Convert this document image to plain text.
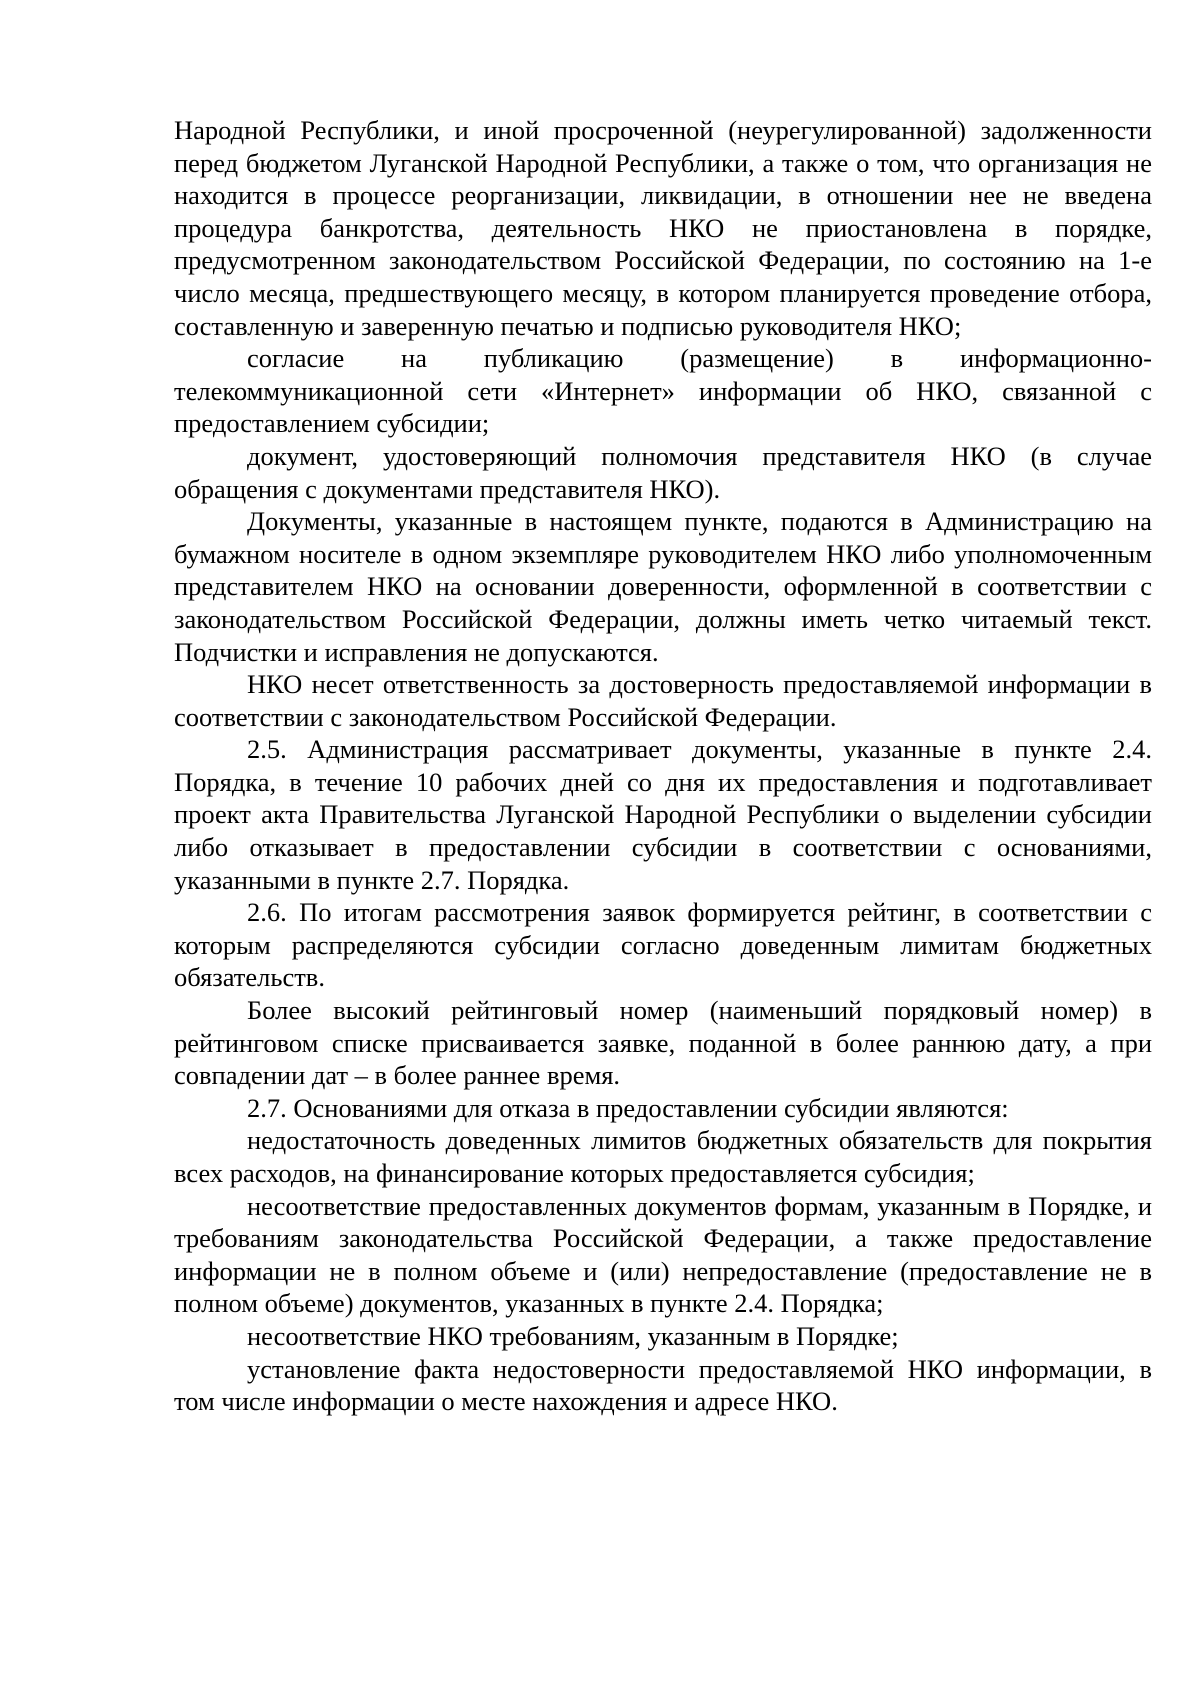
Народной Республики, и иной просроченной (неурегулированной) задолженности перед бюджетом Луганской Народной Республики, а также о том, что организация не находится в процессе реорганизации, ликвидации, в отношении нее не введена процедура банкротства, деятельность НКО не приостановлена в порядке, предусмотренном законодательством Российской Федерации, по состоянию на 1-е число месяца, предшествующего месяцу, в котором планируется проведение отбора, составленную и заверенную печатью и подписью руководителя НКО;

согласие на публикацию (размещение) в информационно-телекоммуникационной сети «Интернет» информации об НКО, связанной с предоставлением субсидии;

документ, удостоверяющий полномочия представителя НКО (в случае обращения с документами представителя НКО).

Документы, указанные в настоящем пункте, подаются в Администрацию на бумажном носителе в одном экземпляре руководителем НКО либо уполномоченным представителем НКО на основании доверенности, оформленной в соответствии с законодательством Российской Федерации, должны иметь четко читаемый текст. Подчистки и исправления не допускаются.

НКО несет ответственность за достоверность предоставляемой информации в соответствии с законодательством Российской Федерации.

2.5. Администрация рассматривает документы, указанные в пункте 2.4. Порядка, в течение 10 рабочих дней со дня их предоставления и подготавливает проект акта Правительства Луганской Народной Республики о выделении субсидии либо отказывает в предоставлении субсидии в соответствии с основаниями, указанными в пункте 2.7. Порядка.

2.6. По итогам рассмотрения заявок формируется рейтинг, в соответствии с которым распределяются субсидии согласно доведенным лимитам бюджетных обязательств.

Более высокий рейтинговый номер (наименьший порядковый номер) в рейтинговом списке присваивается заявке, поданной в более раннюю дату, а при совпадении дат – в более раннее время.

2.7. Основаниями для отказа в предоставлении субсидии являются:

недостаточность доведенных лимитов бюджетных обязательств для покрытия всех расходов, на финансирование которых предоставляется субсидия;

несоответствие предоставленных документов формам, указанным в Порядке, и требованиям законодательства Российской Федерации, а также предоставление информации не в полном объеме и (или) непредоставление (предоставление не в полном объеме) документов, указанных в пункте 2.4. Порядка;

несоответствие НКО требованиям, указанным в Порядке;

установление факта недостоверности предоставляемой НКО информации, в том числе информации о месте нахождения и адресе НКО.
